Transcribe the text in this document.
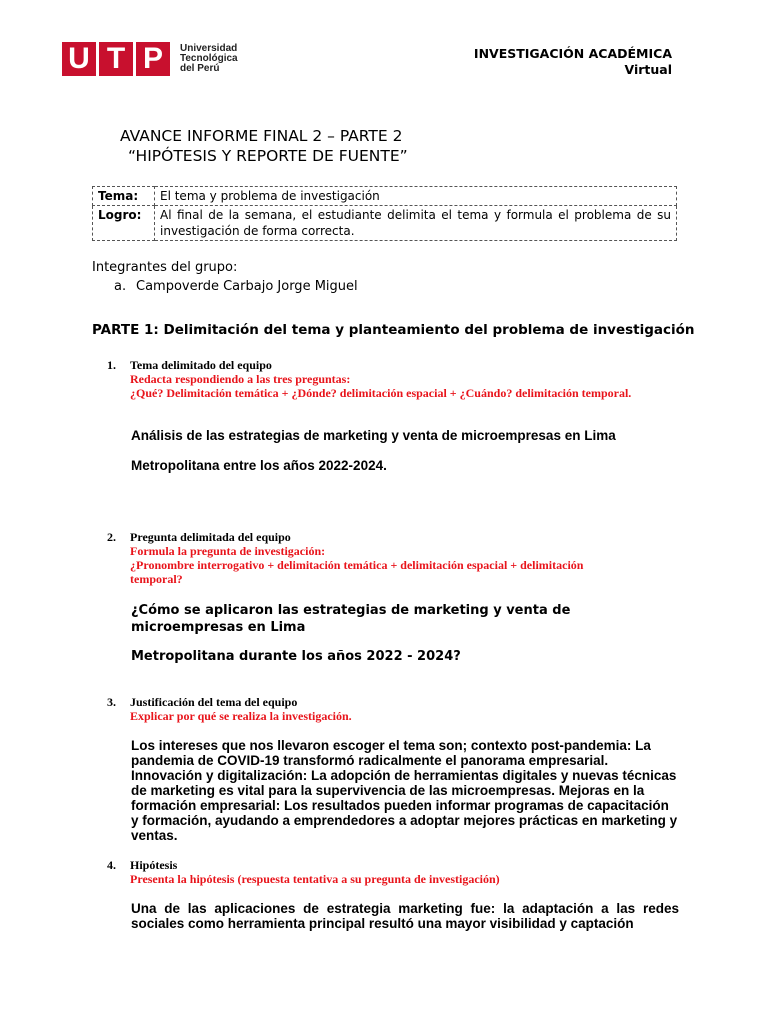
U T P	Universidad
Tecnológica
del Perú
INVESTIGACIÓN ACADÉMICA
Virtual
AVANCE INFORME FINAL 2 – PARTE 2
“HIPÓTESIS Y REPORTE DE FUENTE”
Tema:	El tema y problema de investigación
Logro:	Al final de la semana, el estudiante delimita el tema y formula el problema de su investigación de forma correcta.
Integrantes del grupo:
a. Campoverde Carbajo Jorge Miguel
PARTE 1: Delimitación del tema y planteamiento del problema de investigación
1.	Tema delimitado del equipo
Redacta respondiendo a las tres preguntas:
¿Qué? Delimitación temática + ¿Dónde? delimitación espacial + ¿Cuándo? delimitación temporal.
Análisis de las estrategias de marketing y venta de microempresas en Lima
Metropolitana entre los años 2022-2024.
2.	Pregunta delimitada del equipo
Formula la pregunta de investigación:
¿Pronombre interrogativo + delimitación temática + delimitación espacial + delimitación temporal?
¿Cómo se aplicaron las estrategias de marketing y venta de microempresas en Lima
Metropolitana durante los años 2022 - 2024?
3.	Justificación del tema del equipo
Explicar por qué se realiza la investigación.
Los intereses que nos llevaron escoger el tema son; contexto post-pandemia: La pandemia de COVID-19 transformó radicalmente el panorama empresarial. Innovación y digitalización: La adopción de herramientas digitales y nuevas técnicas de marketing es vital para la supervivencia de las microempresas. Mejoras en la formación empresarial: Los resultados pueden informar programas de capacitación y formación, ayudando a emprendedores a adoptar mejores prácticas en marketing y ventas.
4.	Hipótesis
Presenta la hipótesis (respuesta tentativa a su pregunta de investigación)
Una de las aplicaciones de estrategia marketing fue: la adaptación a las redes sociales como herramienta principal resultó una mayor visibilidad y captación
